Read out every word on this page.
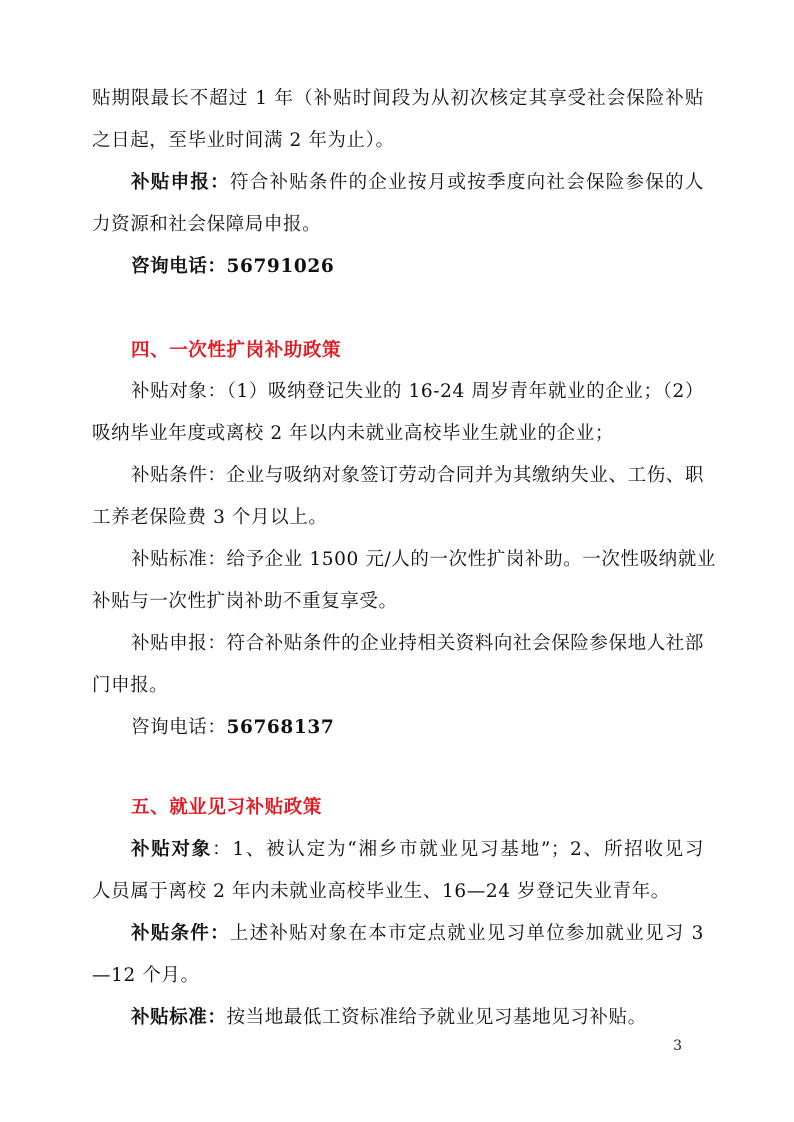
贴期限最长不超过 1 年（补贴时间段为从初次核定其享受社会保险补贴
之日起，至毕业时间满 2 年为止）。
补贴申报：符合补贴条件的企业按月或按季度向社会保险参保的人
力资源和社会保障局申报。
咨询电话：56791026
四、一次性扩岗补助政策
补贴对象：（1）吸纳登记失业的 16-24 周岁青年就业的企业；（2）
吸纳毕业年度或离校 2 年以内未就业高校毕业生就业的企业；
补贴条件：企业与吸纳对象签订劳动合同并为其缴纳失业、工伤、职
工养老保险费 3 个月以上。
补贴标准：给予企业 1500 元/人的一次性扩岗补助。一次性吸纳就业
补贴与一次性扩岗补助不重复享受。
补贴申报：符合补贴条件的企业持相关资料向社会保险参保地人社部
门申报。
咨询电话：56768137
五、就业见习补贴政策
补贴对象：1、被认定为“湘乡市就业见习基地”；2、所招收见习
人员属于离校 2 年内未就业高校毕业生、16—24 岁登记失业青年。
补贴条件：上述补贴对象在本市定点就业见习单位参加就业见习 3
—12 个月。
补贴标准：按当地最低工资标准给予就业见习基地见习补贴。
3
